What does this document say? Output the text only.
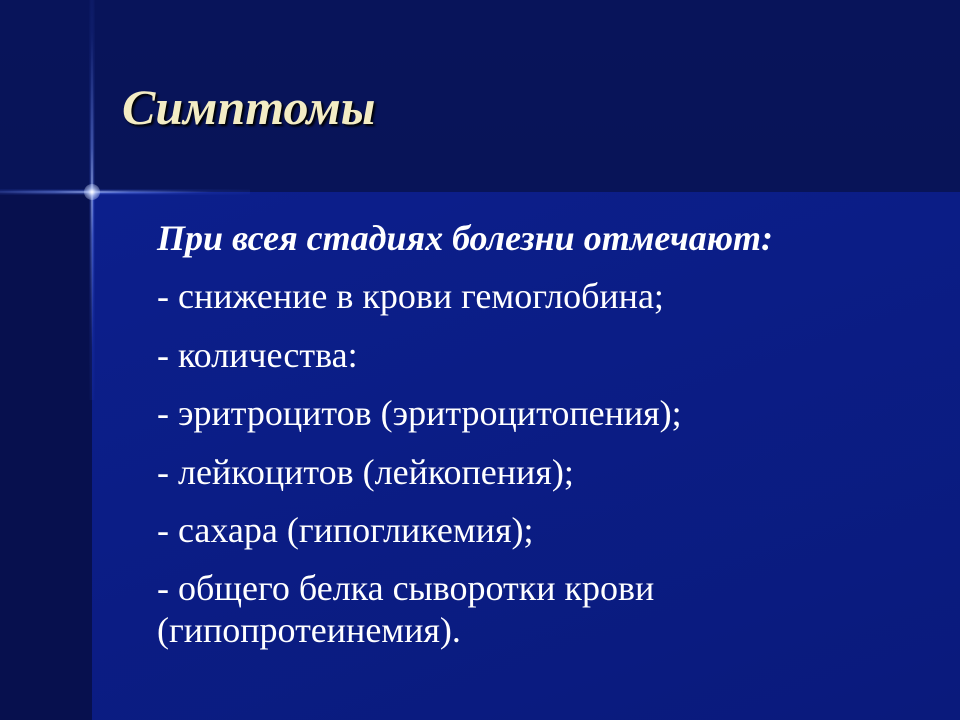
Симптомы
При всея стадиях болезни отмечают:
- снижение в крови гемоглобина;
- количества:
- эритроцитов (эритроцитопения);
- лейкоцитов (лейкопения);
- сахара (гипогликемия);
- общего белка сыворотки крови (гипопротеинемия).
